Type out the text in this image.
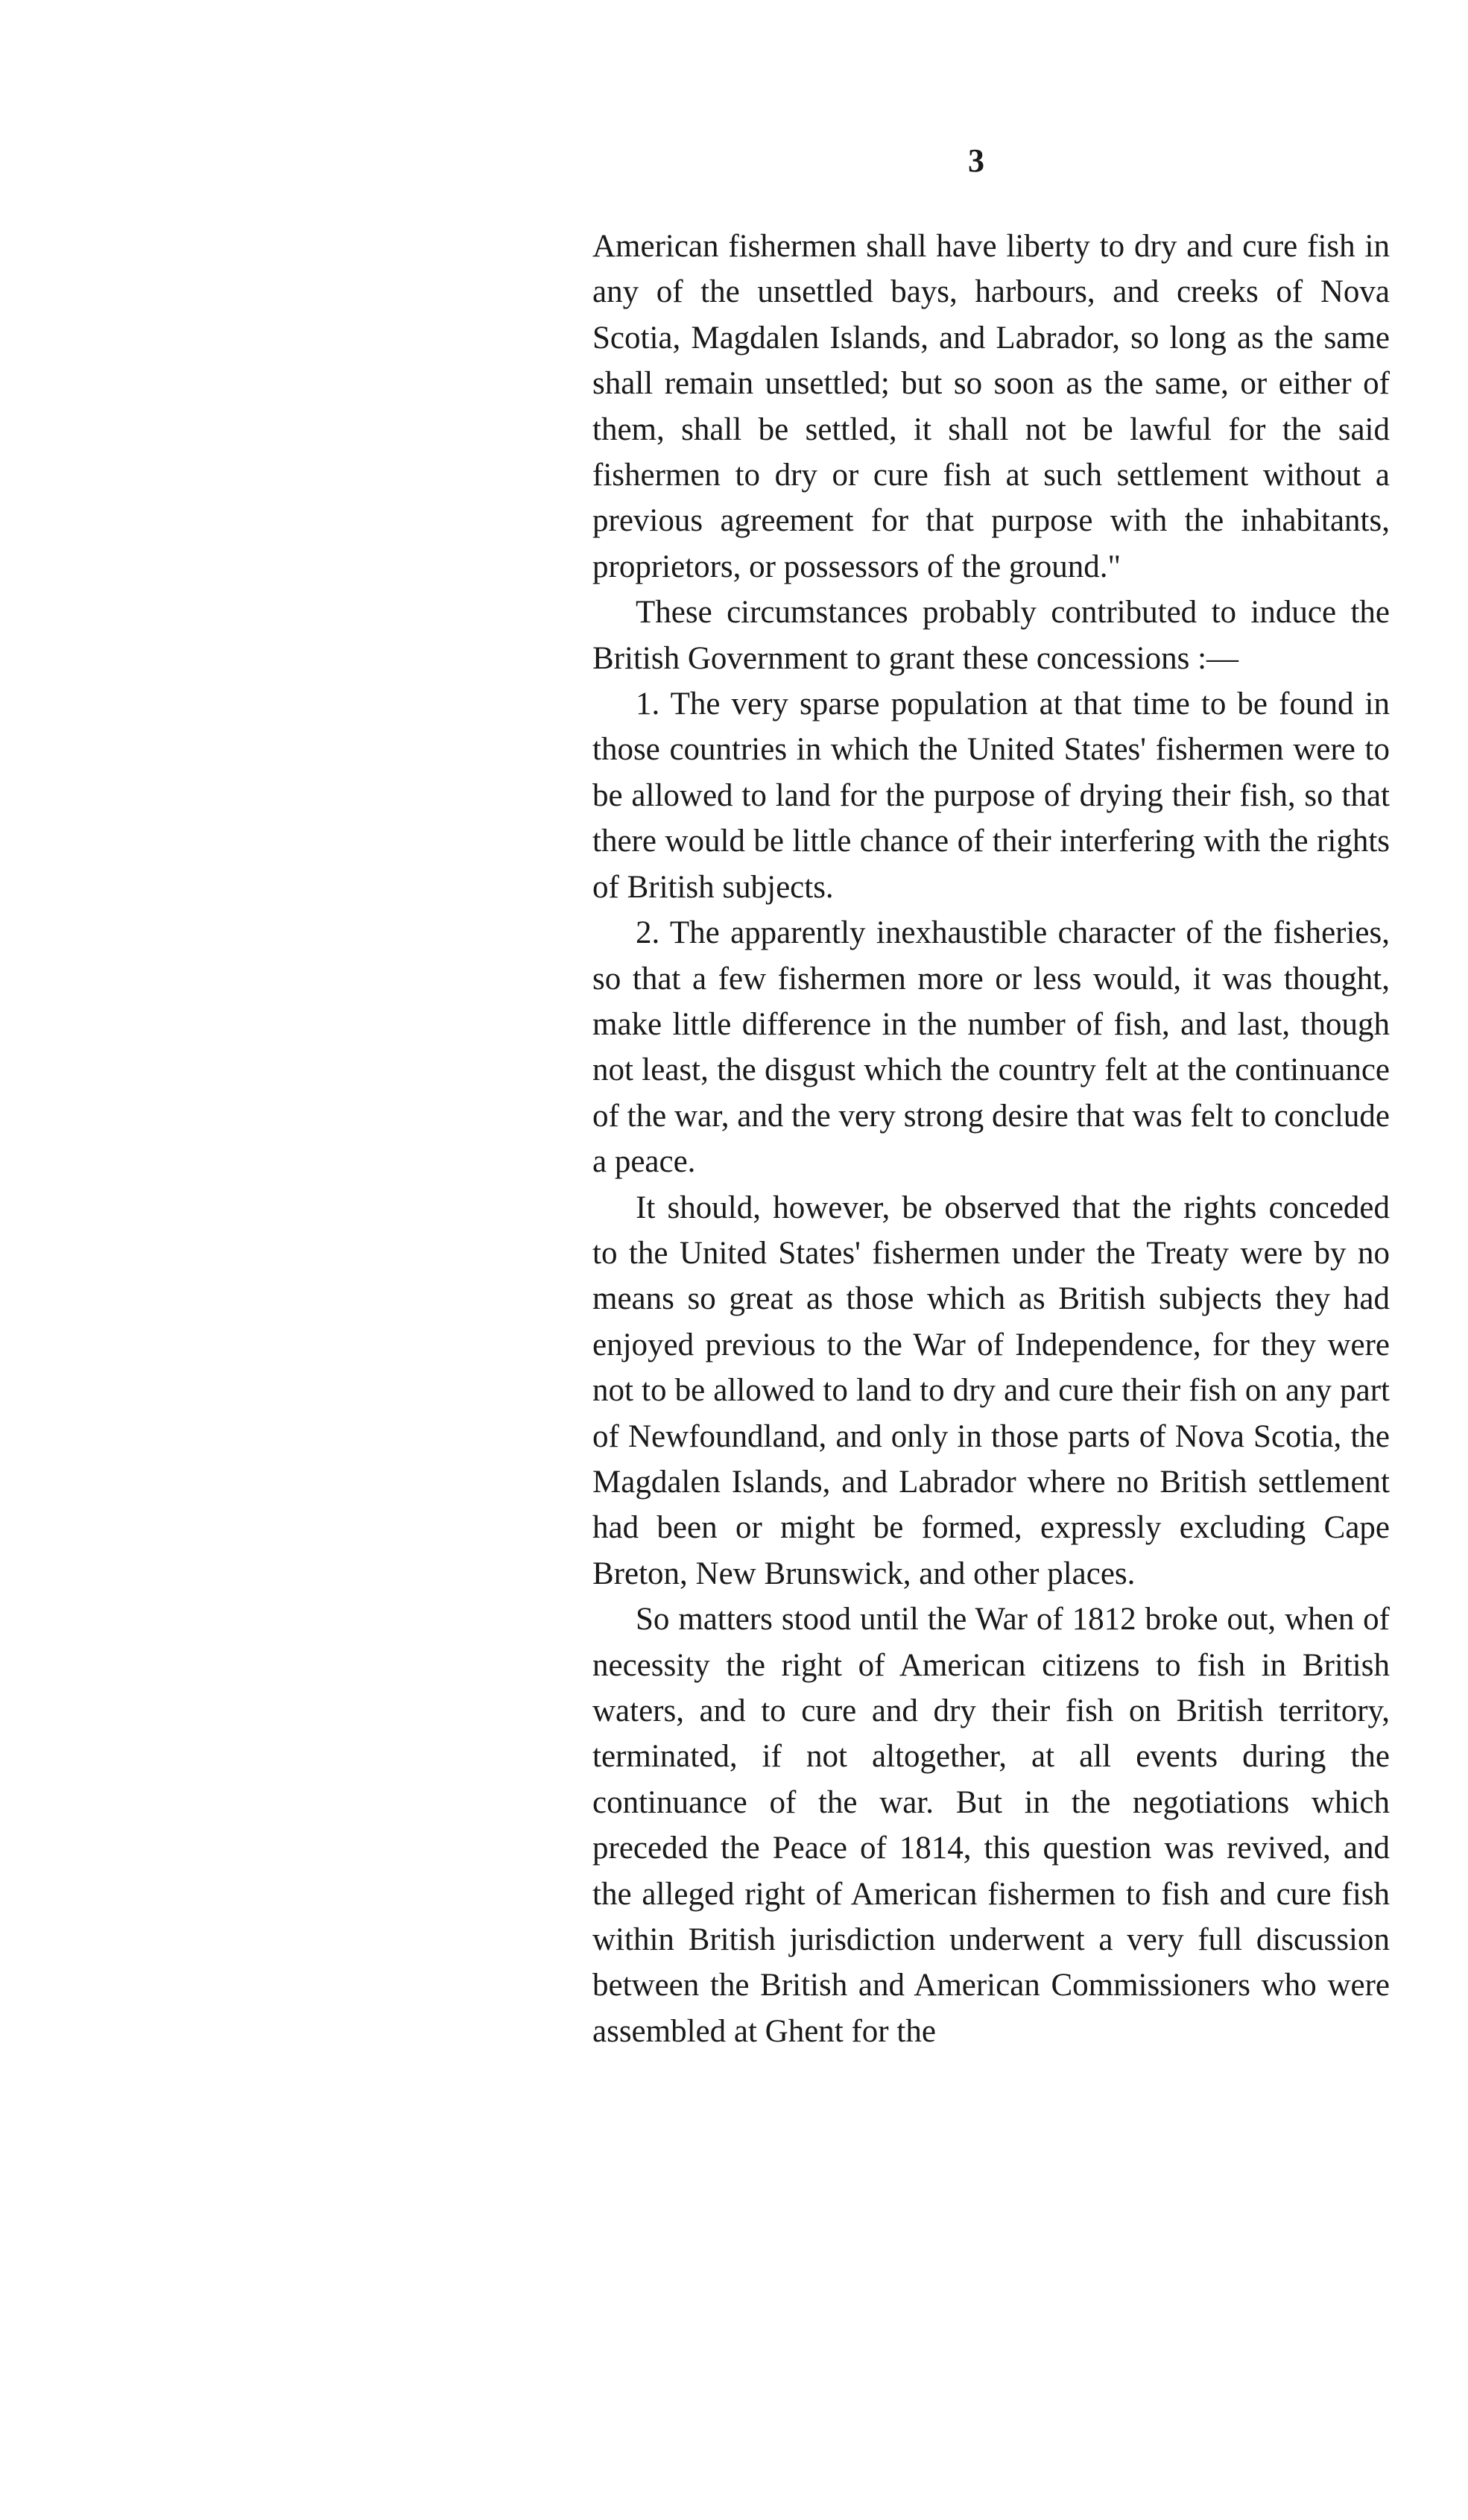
3

American fishermen shall have liberty to dry and cure fish in any of the unsettled bays, harbours, and creeks of Nova Scotia, Magdalen Islands, and Labrador, so long as the same shall remain unsettled; but so soon as the same, or either of them, shall be settled, it shall not be lawful for the said fishermen to dry or cure fish at such settlement without a previous agreement for that purpose with the inhabitants, proprietors, or possessors of the ground."

These circumstances probably contributed to induce the British Government to grant these concessions :—

1. The very sparse population at that time to be found in those countries in which the United States' fishermen were to be allowed to land for the purpose of drying their fish, so that there would be little chance of their interfering with the rights of British subjects.

2. The apparently inexhaustible character of the fisheries, so that a few fishermen more or less would, it was thought, make little difference in the number of fish, and last, though not least, the disgust which the country felt at the continuance of the war, and the very strong desire that was felt to conclude a peace.

It should, however, be observed that the rights conceded to the United States' fishermen under the Treaty were by no means so great as those which as British subjects they had enjoyed previous to the War of Independence, for they were not to be allowed to land to dry and cure their fish on any part of Newfoundland, and only in those parts of Nova Scotia, the Magdalen Islands, and Labrador where no British settlement had been or might be formed, expressly excluding Cape Breton, New Brunswick, and other places.

So matters stood until the War of 1812 broke out, when of necessity the right of American citizens to fish in British waters, and to cure and dry their fish on British territory, terminated, if not altogether, at all events during the continuance of the war. But in the negotiations which preceded the Peace of 1814, this question was revived, and the alleged right of American fishermen to fish and cure fish within British jurisdiction underwent a very full discussion between the British and American Commissioners who were assembled at Ghent for the
